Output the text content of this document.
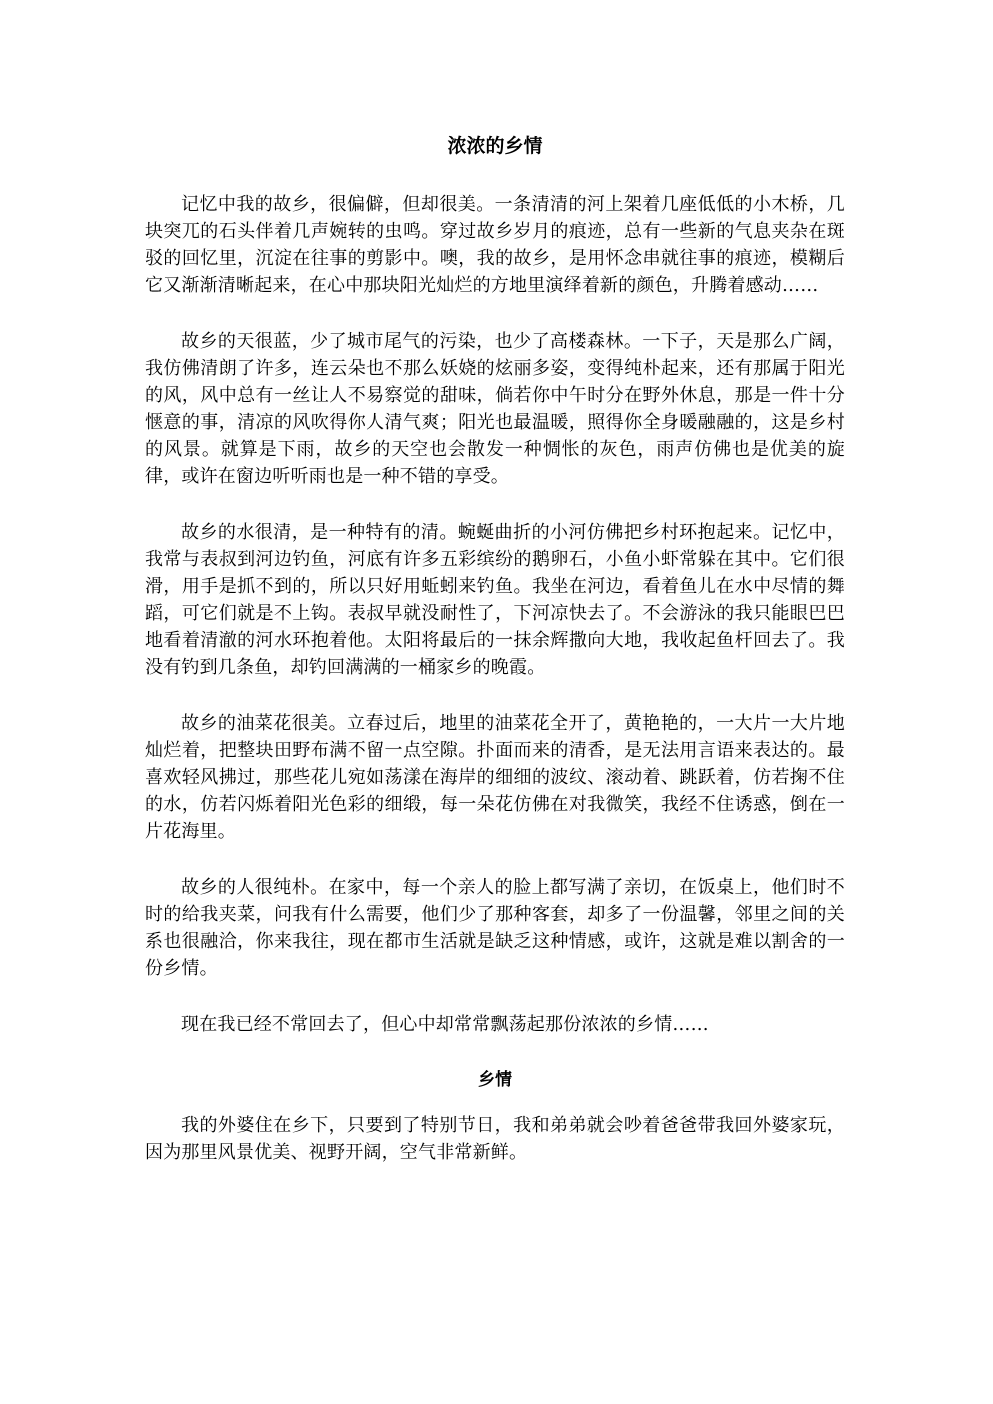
浓浓的乡情

记忆中我的故乡，很偏僻，但却很美。一条清清的河上架着几座低低的小木桥，几块突兀的石头伴着几声婉转的虫鸣。穿过故乡岁月的痕迹，总有一些新的气息夹杂在斑驳的回忆里，沉淀在往事的剪影中。噢，我的故乡，是用怀念串就往事的痕迹，模糊后它又渐渐清晰起来，在心中那块阳光灿烂的方地里演绎着新的颜色，升腾着感动……

故乡的天很蓝，少了城市尾气的污染，也少了高楼森林。一下子，天是那么广阔，我仿佛清朗了许多，连云朵也不那么妖娆的炫丽多姿，变得纯朴起来，还有那属于阳光的风，风中总有一丝让人不易察觉的甜味，倘若你中午时分在野外休息，那是一件十分惬意的事，清凉的风吹得你人清气爽；阳光也最温暖，照得你全身暖融融的，这是乡村的风景。就算是下雨，故乡的天空也会散发一种惆怅的灰色，雨声仿佛也是优美的旋律，或许在窗边听听雨也是一种不错的享受。

故乡的水很清，是一种特有的清。蜿蜒曲折的小河仿佛把乡村环抱起来。记忆中，我常与表叔到河边钓鱼，河底有许多五彩缤纷的鹅卵石，小鱼小虾常躲在其中。它们很滑，用手是抓不到的，所以只好用蚯蚓来钓鱼。我坐在河边，看着鱼儿在水中尽情的舞蹈，可它们就是不上钩。表叔早就没耐性了，下河凉快去了。不会游泳的我只能眼巴巴地看着清澈的河水环抱着他。太阳将最后的一抹余辉撒向大地，我收起鱼杆回去了。我没有钓到几条鱼，却钓回满满的一桶家乡的晚霞。

故乡的油菜花很美。立春过后，地里的油菜花全开了，黄艳艳的，一大片一大片地灿烂着，把整块田野布满不留一点空隙。扑面而来的清香，是无法用言语来表达的。最喜欢轻风拂过，那些花儿宛如荡漾在海岸的细细的波纹、滚动着、跳跃着，仿若掬不住的水，仿若闪烁着阳光色彩的细缎，每一朵花仿佛在对我微笑，我经不住诱惑，倒在一片花海里。

故乡的人很纯朴。在家中，每一个亲人的脸上都写满了亲切，在饭桌上，他们时不时的给我夹菜，问我有什么需要，他们少了那种客套，却多了一份温馨，邻里之间的关系也很融洽，你来我往，现在都市生活就是缺乏这种情感，或许，这就是难以割舍的一份乡情。

现在我已经不常回去了，但心中却常常飘荡起那份浓浓的乡情……

乡情

我的外婆住在乡下，只要到了特别节日，我和弟弟就会吵着爸爸带我回外婆家玩，因为那里风景优美、视野开阔，空气非常新鲜。
